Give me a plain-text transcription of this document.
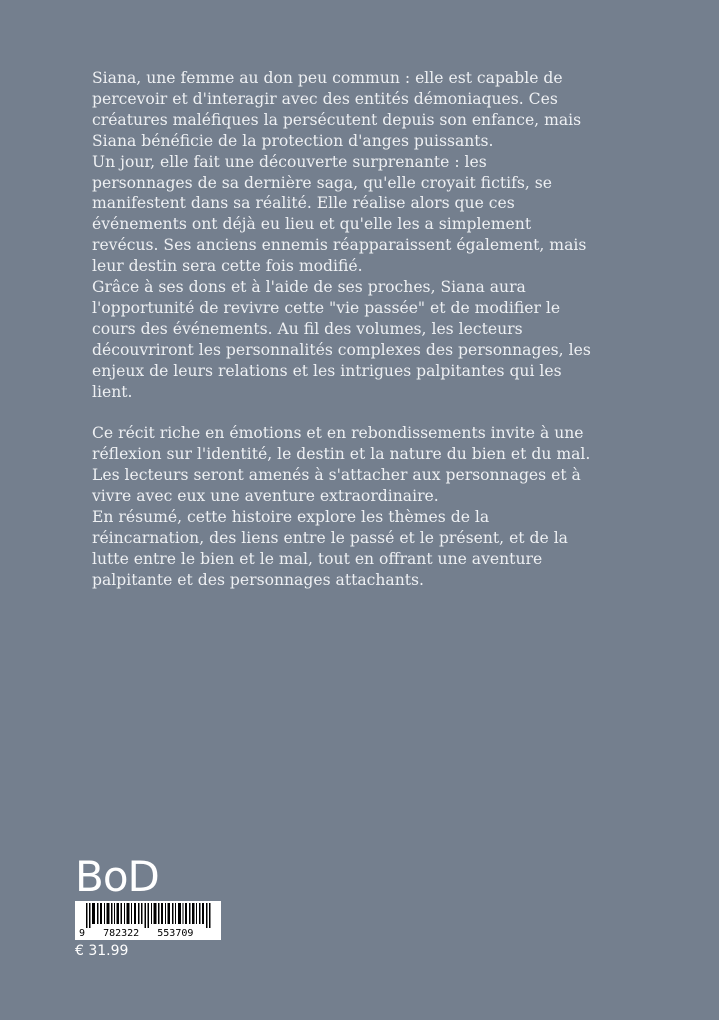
Siana, une femme au don peu commun : elle est capable de percevoir et d'interagir avec des entités démoniaques. Ces créatures maléfiques la persécutent depuis son enfance, mais Siana bénéficie de la protection d'anges puissants.

Un jour, elle fait une découverte surprenante : les personnages de sa dernière saga, qu'elle croyait fictifs, se manifestent dans sa réalité. Elle réalise alors que ces événements ont déjà eu lieu et qu'elle les a simplement revécus. Ses anciens ennemis réapparaissent également, mais leur destin sera cette fois modifié.

Grâce à ses dons et à l'aide de ses proches, Siana aura l'opportunité de revivre cette "vie passée" et de modifier le cours des événements. Au fil des volumes, les lecteurs découvriront les personnalités complexes des personnages, les enjeux de leurs relations et les intrigues palpitantes qui les lient.

Ce récit riche en émotions et en rebondissements invite à une réflexion sur l'identité, le destin et la nature du bien et du mal. Les lecteurs seront amenés à s'attacher aux personnages et à vivre avec eux une aventure extraordinaire.

En résumé, cette histoire explore les thèmes de la réincarnation, des liens entre le passé et le présent, et de la lutte entre le bien et le mal, tout en offrant une aventure palpitante et des personnages attachants.

BoD
9   782322   553709
€ 31.99
